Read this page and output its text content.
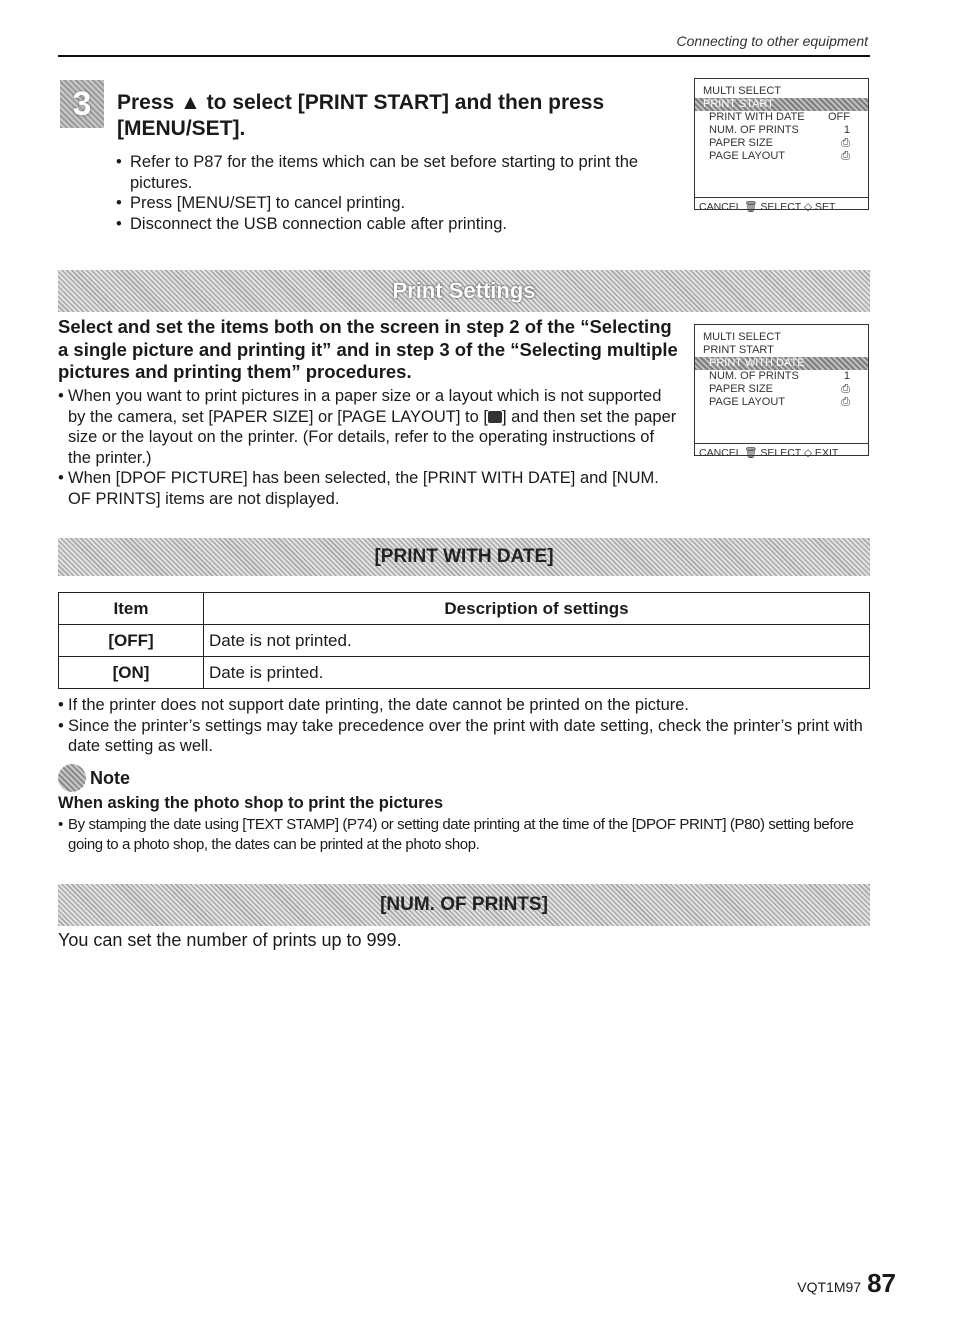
Connecting to other equipment
3	Press ▲ to select [PRINT START] and then press [MENU/SET].
• Refer to P87 for the items which can be set before starting to print the pictures.
• Press [MENU/SET] to cancel printing.
• Disconnect the USB connection cable after printing.
MULTI SELECT
PRINT START
PRINT WITH DATE OFF
NUM. OF PRINTS	1
PAPER SIZE	⎙
PAGE LAYOUT	⎙
CANCEL 🗑 SELECT ◇ SET
Print Settings
Select and set the items both on the screen in step 2 of the “Selecting a single picture and printing it” and in step 3 of the “Selecting multiple pictures and printing them” procedures.
• When you want to print pictures in a paper size or a layout which is not supported by the camera, set [PAPER SIZE] or [PAGE LAYOUT] to [ ] and then set the paper size or the layout on the printer. (For details, refer to the operating instructions of the printer.)
• When [DPOF PICTURE] has been selected, the [PRINT WITH DATE] and [NUM. OF PRINTS] items are not displayed.
MULTI SELECT
PRINT START
PRINT WITH DATE
NUM. OF PRINTS	1
PAPER SIZE	⎙
PAGE LAYOUT	⎙
CANCEL 🗑 SELECT ◇ EXIT
[PRINT WITH DATE]
Item	Description of settings
[OFF]	Date is not printed.
[ON]	Date is printed.
• If the printer does not support date printing, the date cannot be printed on the picture.
• Since the printer’s settings may take precedence over the print with date setting, check the printer’s print with date setting as well.
Note
When asking the photo shop to print the pictures
• By stamping the date using [TEXT STAMP] (P74) or setting date printing at the time of the [DPOF PRINT] (P80) setting before going to a photo shop, the dates can be printed at the photo shop.
[NUM. OF PRINTS]
You can set the number of prints up to 999.
VQT1M97 87
